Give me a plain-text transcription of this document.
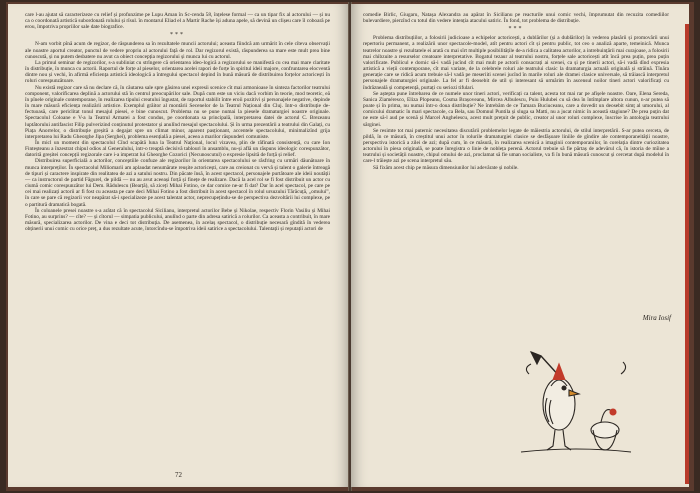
care l-au ajutat să caracterizeze cu relief și profunzime pe Lupu Aman în Sc-cenda 58, înțelese formal — ca un tipar fix al actorului — și nu ca o coordonată artistică subordonată rolului și rîsul. în montarul Eliad el a Martir Rache își aduna apele, să devină un clișeu care îl coboară pe erou, împotriva propriilor sale date biografice.

***

N-am vorbit pînă acum de regizor, de răspunderea sa în rezultatele muncii actorului; aceasta fiindcă am urmărit în cele cîteva observații ale noastre aportul creator, punctul de vedere propriu al actorului față de rol. Dar regizorul există, răspunderea sa mare este mult prea bine cunoscută, și nu putem desbatere nu avut ca obiect concepția regizorului și munca lui cu actorul.

La primul seminar de regizorilor, s-a subliniat cu strîngere că orientarea ideo-logică a regizorului se manifestă cu cea mai mare claritate în distribuție, în munca cu actorii. Raportul de forțe al pieselor, orientarea acelei rapori de forțe în spiritul ideii majore, confruntarea elocventă dintre nou și vechi, în afirmă eficiența artistică ideologică a întregului spectacol depind în bună măsură de distribuirea forțelor actoricești în roluri corespunzătoare.

Nu există regizor care să nu declare că, în căutarea sale spre găsirea unei expresii scenice cît mai armonioase în sinteza factorilor teatrului component, valorificarea deplină a actorului stă în centrul preocupărilor sale. După cum este un viciu dacă vorbim în teorie, mod teoretic, eă în pînele originale contemporane, în realizarea tipului creatului îngustat, de raportul stabilit între eroii pozitivi și personajele negative, depinde în mare măsură eficiența realizării artistice. Exemplul grăitor al montării Secenelor de la Teatrul Național din Cluj. Intr-o distribuție de-fectuoasă, care periclitat tonul mesajul piesei, e bine cunoscut. Problema nu se pune numai la piesele dramaturgiei noastre originale. Spectacolul Coloane e V-a la Teatrul Armatei a fost condus, pe coordonata sa principală, interpretarea datei de actorul C. Brezeanu luptătorului antifascist Filip pulverizind conținutul protestator și anulînd mesajul spectacolului. Și în urma prezentării a teatrului din Galați, cu Piața Anorrelor, o distribuție greșită a degajat spre un climat minor, aparent pasționant, accentele spectacolului, minimalizînd grija interpretarea lui Radu Gheorghe Jipa (Serghei), problema esențială a piesei, aceea a marilor răspunderi comuniste.

În micl un moment din spectacolul Cînd scapătă luna la Teatrul Național, locul vizavea, plin de răfinată consistență, cu care Ion Finteșteanu a înzestrat chipul odios al Generalului, intr-o treaptă decisivă tablouri în ansamblu, nu-și află un răspuns ideologic corespunzător, datorită greșitei concepții regizorale care i-a impetrat lui Gheorghe Cozorici (Necunoscutul) o expresie lipsită de forță și relief.

Distribuirea superficială a actorilor, conceptiile confuze ale regizorilor în orientarea spectacolului se răsfring cu urmări dăunătoare în munca interpreților. În spectacolul Miliomarii am aplaudat nenumărate reușite actoricești, care au creionat cu vervă și talent o galerie întreagă de tipuri și caractere inspirate din realitatea de azi a satului nostru. Din păcate însă, în acest spectacol, personajele purtătoare ale ideii noutății — ca instructorul de partid Făgurel, de pildă — nu au avut aceeași forță și finețe de realizare. Dacă la acel rol se fi fost distribuit un actor cu ciumă comic corespunzător lui Dem. Rădulescu (Bearță), să ziceți Mihai Fotino, ce dar comice ne-ar fi dat? Dar în acel spectacol, pe care pe cei mai realizați actorii ar fi fost cu aceasta pe care deci Mihai Fotino a fost distribuit în acest spectacol în rolul ursuzului Tărăcuță, „omului”, în care se pare că regizorii vor neapărat să-i specializeze pe acest talentat actor, neprecupețindu-se de perspectiva dezvoltării lui complexe, pe o partitură dramatică bogată.

În coloanele presei noastre s-a arătat că în spectacolul Sicilianu, interpretul actorilor Bebe și Nikolae, respectiv Florin Vasiliu și Mihai Fotino, au surprins? — cîte? — și cîtorul — simpatia publicului, anulînd o parte din adresa satirică a rolurilor. Ca aceasta a contribuit, în mare măsură, specializarea actorilor. De vina e deci tot distribuția. De asemenea, în acelaș spectacol, o distribuție necesară gîndită în vederea obținerii unui comic cu orice preț, a dus rezultate acute, întorcîndu-se împotriva ideii satirice a spectacolului. Talentații și reputații actori de

72

comedie Birlic, Giugaru, Natașa Alexandra au apărat în Sicilianu pe reacturile unui comic vechi, împrumutat din recuzita comediilor bulevardiere, pierzînd cu totul din vedere intenția atacului satiric. În fond, tot problema de distribuție.

***

Problema distribuțiilor, a folosirii judicioase a echipelor actoricești, a dublărilor (și a dublărilor) în vederea plasării și promovării unui repertoriu permanent, a realizării unor spectacole-model, atît pentru actori cît și pentru public, tot ceo o analiză aparte, temeinică. Munca teatrelor noastre și rezultatele ei arată cu mai sîrt multiple posibilitățile de-a ridica a calitatea actorilor, a intrebuințării mai curajoase, a folosirii mai chibzuite a resurselor creatoare interpretative. Bogatul tezaur al teatrului nostru, forțele sale actoricești atît încă prea puțin, prea puțin valorificate. Publicul e dornic să-i vadă jucînd cît mai mult pe actorii consacrați ai scenei, ca și pe tinerii actori, să-i vadă dînd expresia artistică a vieții contemporane, cît mai variate, de la celebrele roluri ale teatrului clasic la dramaturgia actuală originală și străină. Tînăra generație care se ridică acum trebuie să-l vadă pe meseriiti scenei jucînd în marile roluri ale dramei clasice universale, să trăiască interpretul personajele dramaturgiei originale. La fel ar fi deosebit de util și interesant să urmărim în ascensul noilor tineri actori valorificați cu îndrăzneală și competență, purtați cu seriozi tifulari.

Se aștepta pune întrebarea de ce numele unor tineri actori, verificați ca talent, acesta tot mai rar pe afișele noastre. Oare, Elena Sereda, Sanica Ziaméresco, Eliza Plopeanu, Cosma Brașoveanu, Mircea Albulescu, Puiu Hulubei cu să dea în întîmplare altora cunun, n-ar putea să poate și în prima, nu numai într-o doua distribuție? Ne întrebăm de ce Tamara Buciuceanu, care a dovedit un deosebit simț al umorului, al comicului dramatic în mari spectacole, ca Bela, sau Domnul Puntila și sluga sa Matti, nu a jucat nimic în această stagiune? De prea puțin dat ne este să-l aud pe scenă și Marcel Anghelescu, acest mult prețuit de public, creator al unor roluri complexe, înscrise în antologia teatrului sărginei.

Se resimte tot mai puternic necesitatea discutării problemelor legate de măiestria actorului, de stilul interpretării. S-ar putea cerceta, de pildă, în ce măsură, în creștitul unui actor în rolurile dramaturgiei clasice se desfășoare liniile de gîndire ale contemporaneității noastre, perspectiva istorică a zilei de azi; după cum, în ce măsură, în realizarea scenică a imaginii contemporanilor, în corelația dintre curiozitatea actorului în piesa originală, se poate înregistra o linie de nobleța perenă. Actorul trebuie să fie părtaș de adevărul că, în istoria de mîine a teatrului și societății noastre, chipul omului de azi, proclamat să fie uman socialiste, va fi în bună măsură cunoscut și cercetat după modelul în care-l trăiește azi pe scena interpretul său.

Să fixăm acest chip pe măsura dimensiunilor lui adevărate și nobile.

Mira Iosif
